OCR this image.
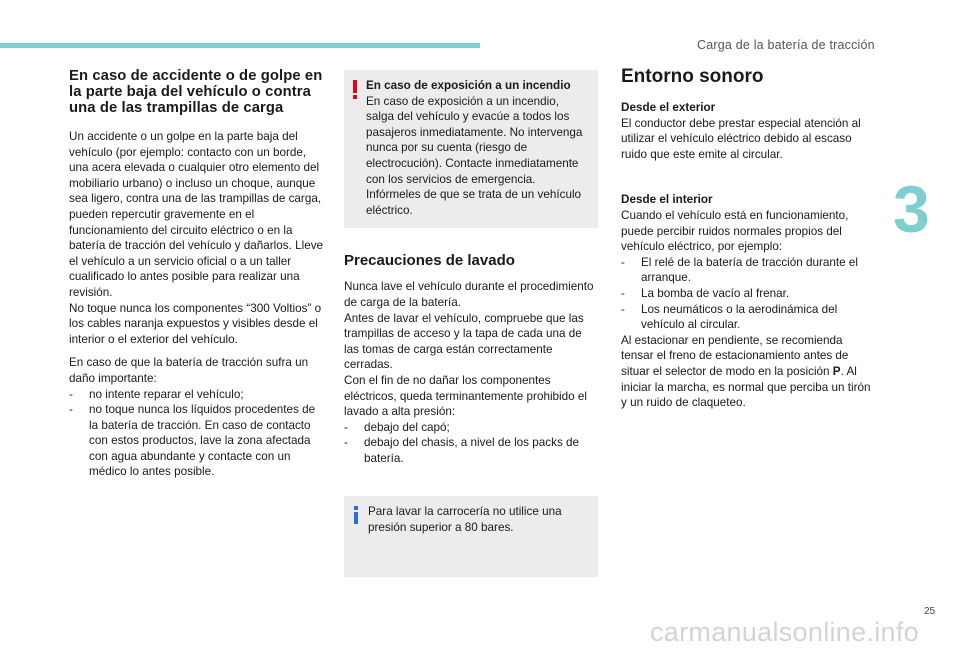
Carga de la batería de tracción
3
25
carmanualsonline.info
En caso de accidente o de golpe en la parte baja del vehículo o contra una de las trampillas de carga

Un accidente o un golpe en la parte baja del vehículo (por ejemplo: contacto con un borde, una acera elevada o cualquier otro elemento del mobiliario urbano) o incluso un choque, aunque sea ligero, contra una de las trampillas de carga, pueden repercutir gravemente en el funcionamiento del circuito eléctrico o en la batería de tracción del vehículo y dañarlos. Lleve el vehículo a un servicio oficial o a un taller cualificado lo antes posible para realizar una revisión.

No toque nunca los componentes “300 Voltios” o los cables naranja expuestos y visibles desde el interior o el exterior del vehículo.

En caso de que la batería de tracción sufra un daño importante:

- no intente reparar el vehículo;
- no toque nunca los líquidos procedentes de la batería de tracción. En caso de contacto con estos productos, lave la zona afectada con agua abundante y contacte con un médico lo antes posible.

En caso de exposición a un incendio

En caso de exposición a un incendio, salga del vehículo y evacúe a todos los pasajeros inmediatamente. No intervenga nunca por su cuenta (riesgo de electrocución). Contacte inmediatamente con los servicios de emergencia. Infórmeles de que se trata de un vehículo eléctrico.

Precauciones de lavado

Nunca lave el vehículo durante el procedimiento de carga de la batería.

Antes de lavar el vehículo, compruebe que las trampillas de acceso y la tapa de cada una de las tomas de carga están correctamente cerradas.

Con el fin de no dañar los componentes eléctricos, queda terminantemente prohibido el lavado a alta presión:

- debajo del capó;
- debajo del chasis, a nivel de los packs de batería.

Para lavar la carrocería no utilice una presión superior a 80 bares.

Entorno sonoro

Desde el exterior

El conductor debe prestar especial atención al utilizar el vehículo eléctrico debido al escaso ruido que este emite al circular.

Desde el interior

Cuando el vehículo está en funcionamiento, puede percibir ruidos normales propios del vehículo eléctrico, por ejemplo:

- El relé de la batería de tracción durante el arranque.
- La bomba de vacío al frenar.
- Los neumáticos o la aerodinámica del vehículo al circular.

Al estacionar en pendiente, se recomienda tensar el freno de estacionamiento antes de situar el selector de modo en la posición P. Al iniciar la marcha, es normal que perciba un tirón y un ruido de claqueteo.
